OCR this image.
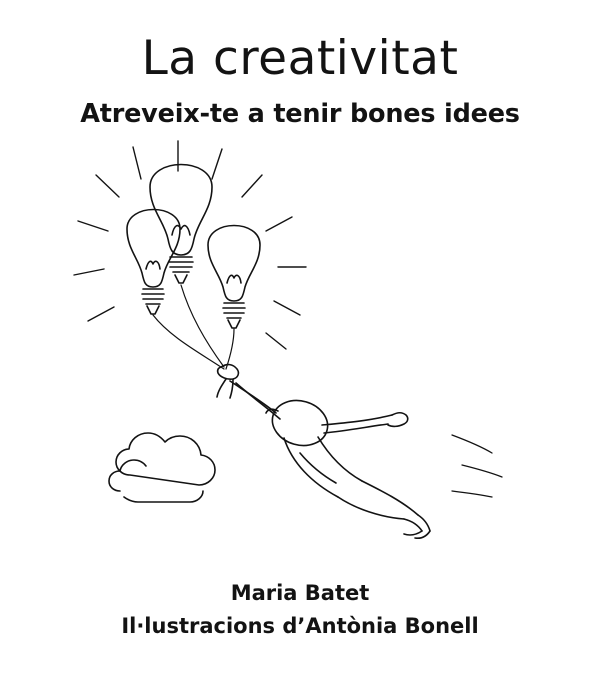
La creativitat
Atreveix-te a tenir bones idees
Maria Batet
Il·lustracions d’Antònia Bonell
